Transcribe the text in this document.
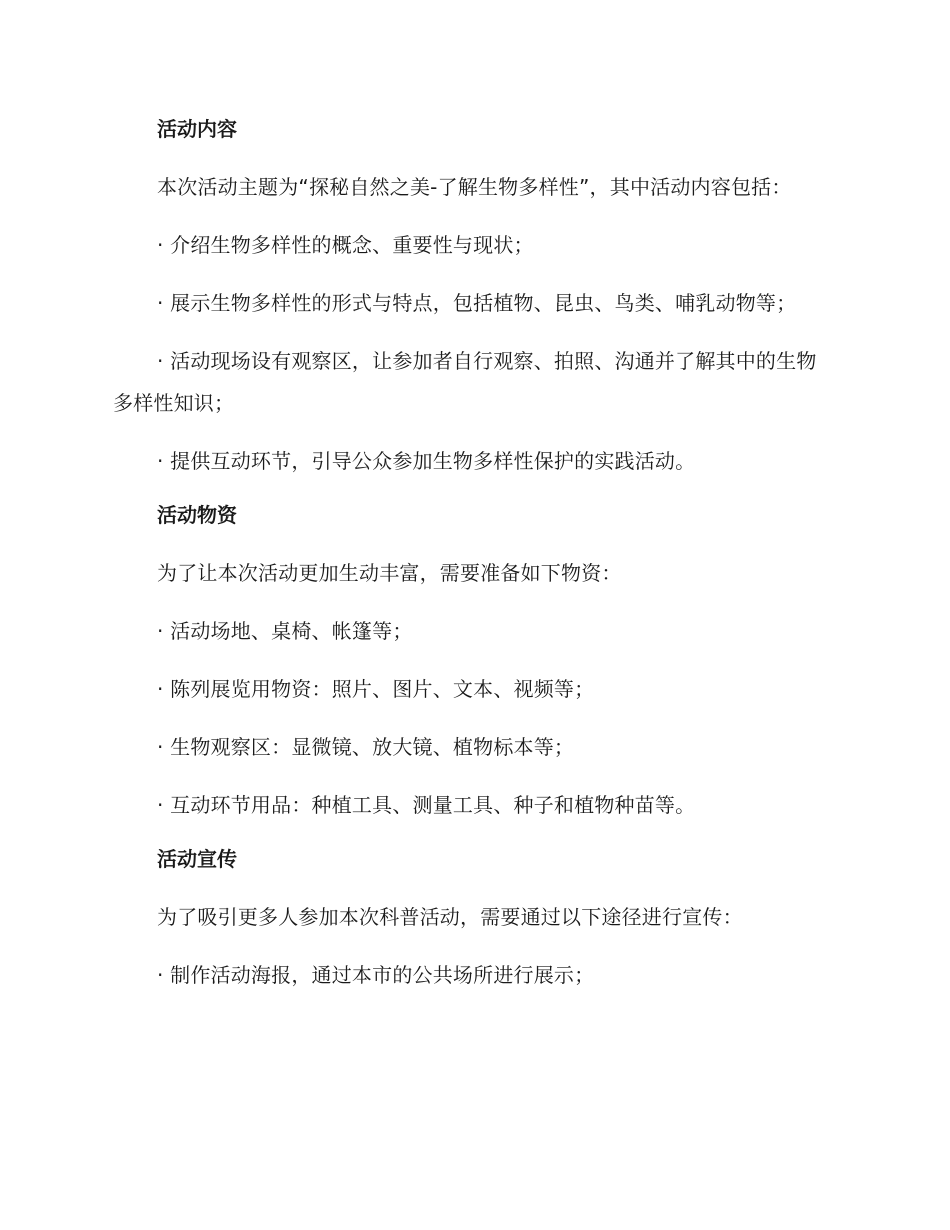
活动内容

本次活动主题为“探秘自然之美-了解生物多样性”，其中活动内容包括：

· 介绍生物多样性的概念、重要性与现状；

· 展示生物多样性的形式与特点，包括植物、昆虫、鸟类、哺乳动物等；

· 活动现场设有观察区，让参加者自行观察、拍照、沟通并了解其中的生物多样性知识；

· 提供互动环节，引导公众参加生物多样性保护的实践活动。

活动物资

为了让本次活动更加生动丰富，需要准备如下物资：

· 活动场地、桌椅、帐篷等；

· 陈列展览用物资：照片、图片、文本、视频等；

· 生物观察区：显微镜、放大镜、植物标本等；

· 互动环节用品：种植工具、测量工具、种子和植物种苗等。

活动宣传

为了吸引更多人参加本次科普活动，需要通过以下途径进行宣传：

· 制作活动海报，通过本市的公共场所进行展示；
